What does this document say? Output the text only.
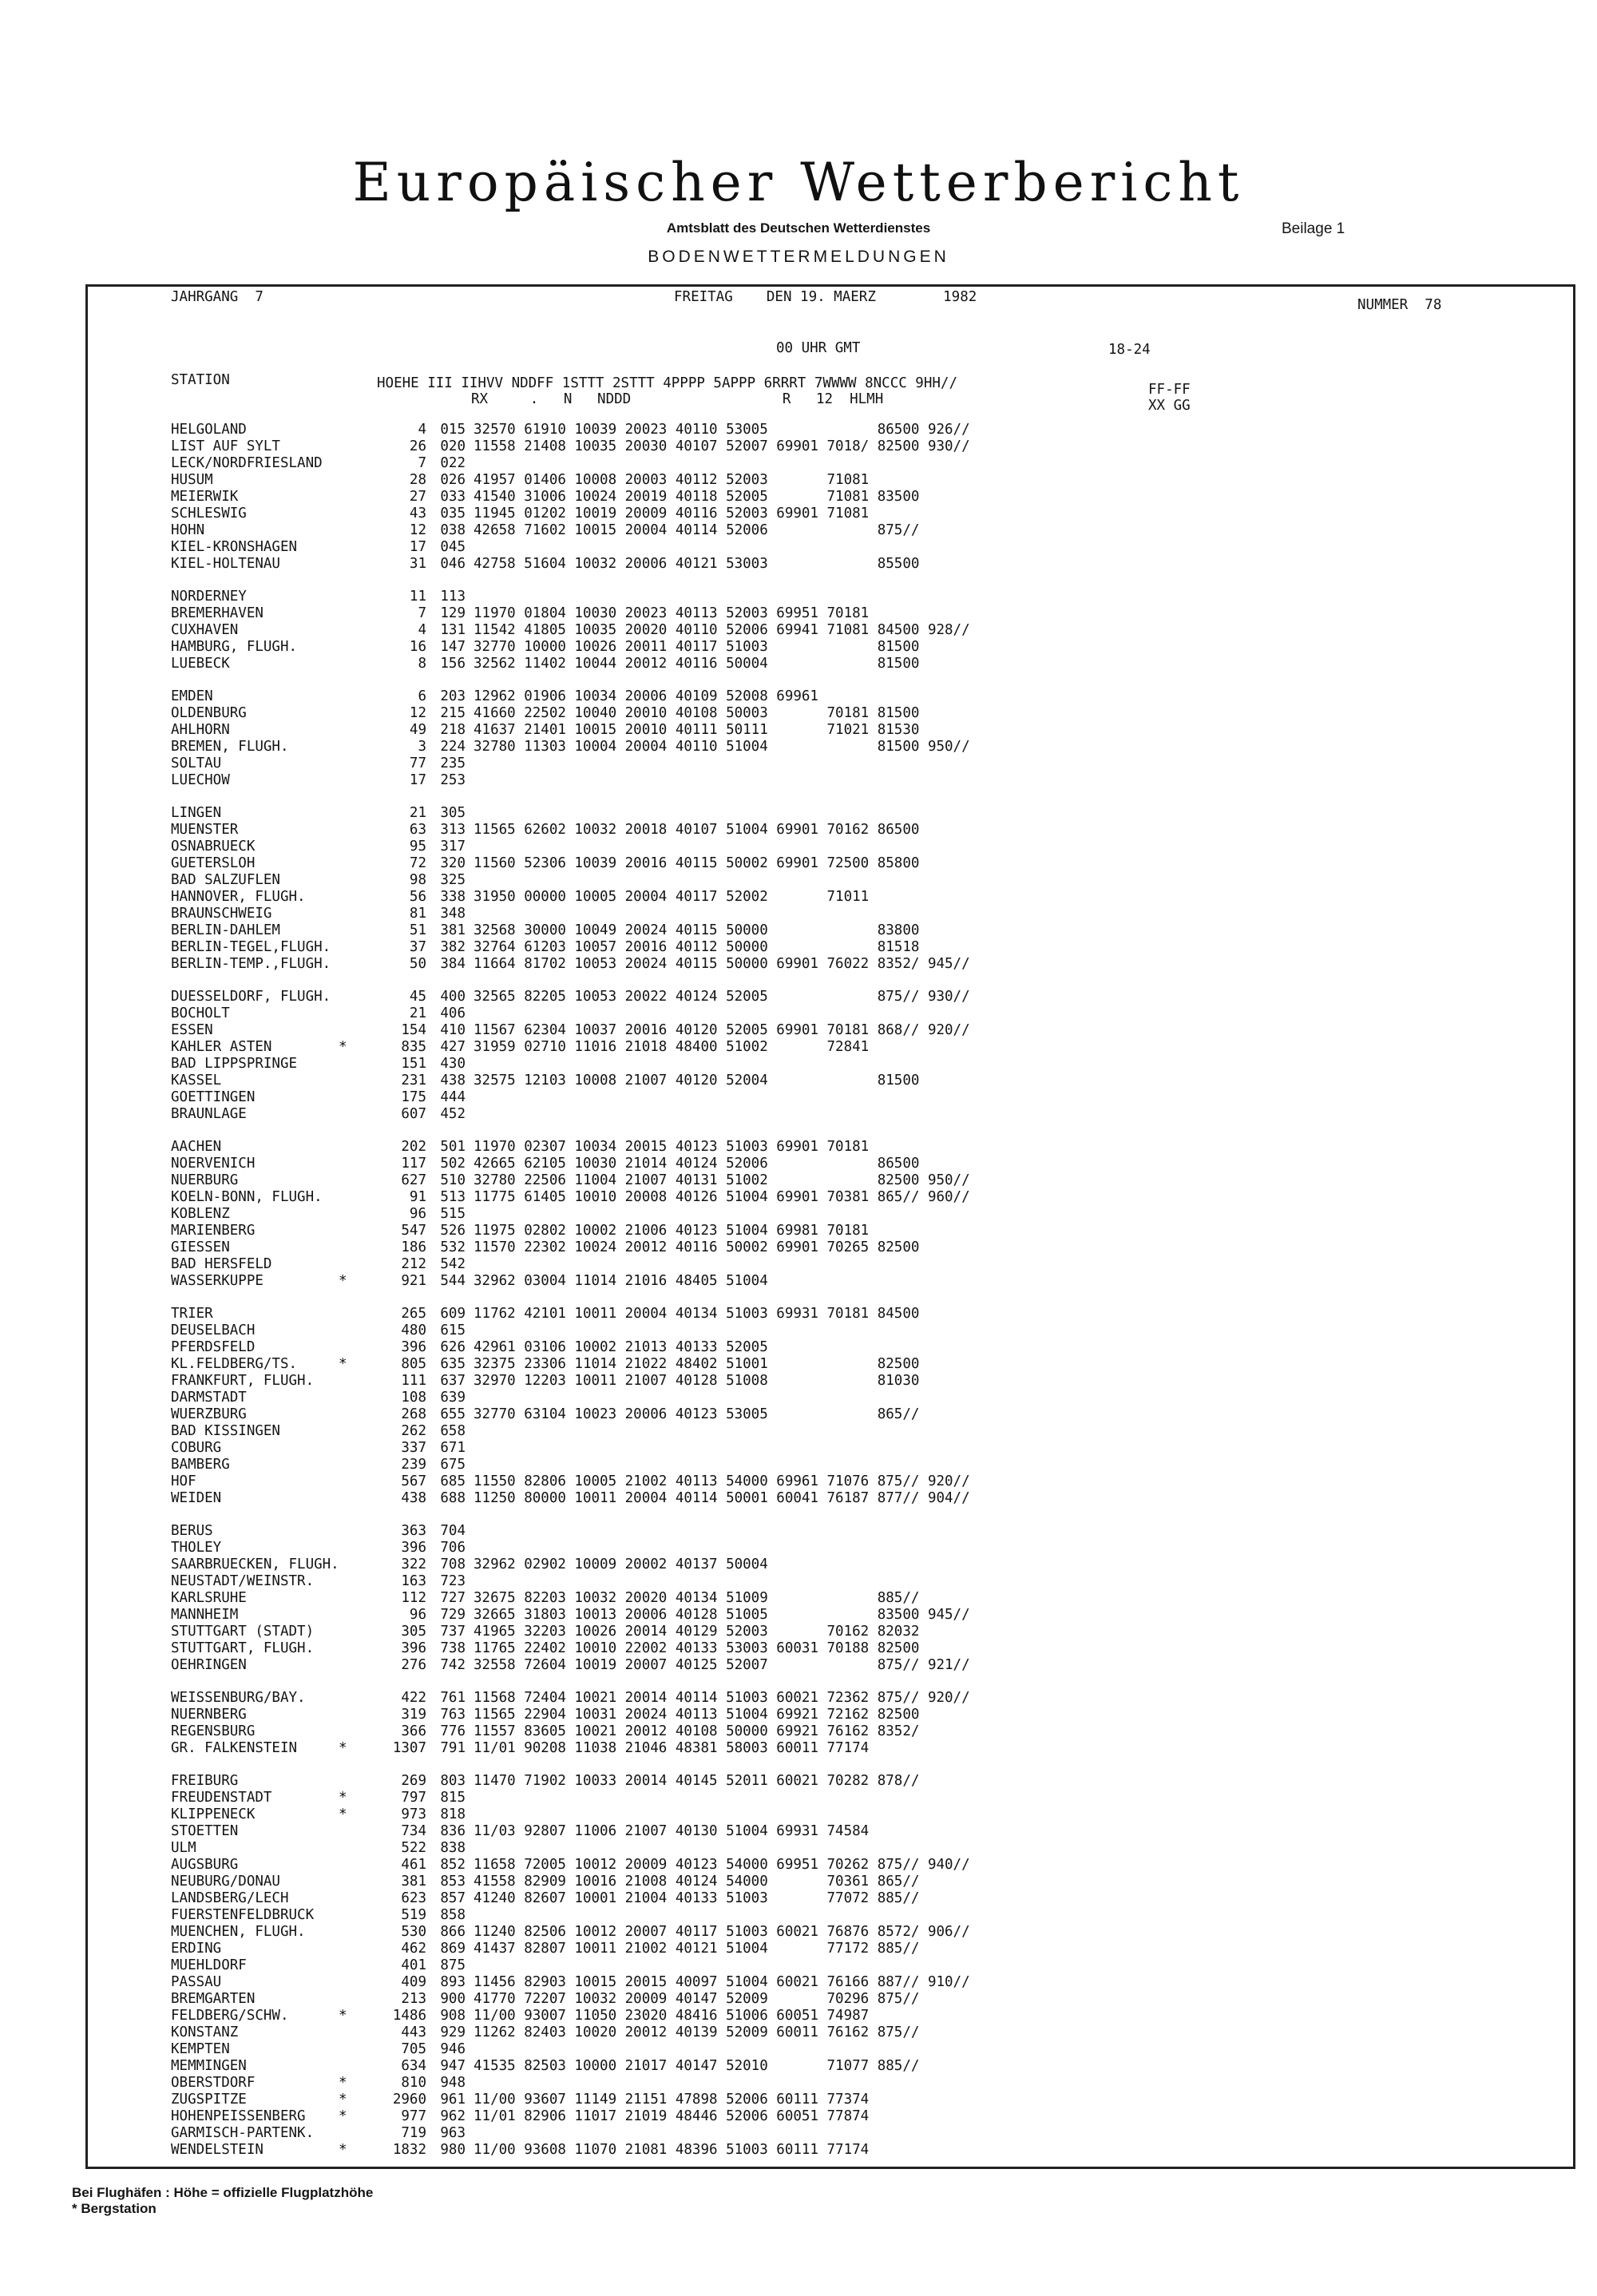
Europäischer Wetterbericht
Amtsblatt des Deutschen Wetterdienstes	Beilage 1
BODENWETTERMELDUNGEN
JAHRGANG  7	FREITAG    DEN 19. MAERZ        1982	NUMMER  78
00 UHR GMT	18-24
STATION	HOEHE III IIHVV NDDFF 1STTT 2STTT 4PPPP 5APPP 6RRRT 7WWWW 8NCCC 9HH//
RX     .   N   NDDD                  R   12  HLMH
FF-FF
XX GG
HELGOLAND	4 015 32570 61910 10039 20023 40110 53005             86500 926//
LIST AUF SYLT	26 020 11558 21408 10035 20030 40107 52007 69901 7018/ 82500 930//
LECK/NORDFRIESLAND	7 022
HUSUM	28 026 41957 01406 10008 20003 40112 52003       71081
MEIERWIK	27 033 41540 31006 10024 20019 40118 52005       71081 83500
SCHLESWIG	43 035 11945 01202 10019 20009 40116 52003 69901 71081
HOHN	12 038 42658 71602 10015 20004 40114 52006             875//
KIEL-KRONSHAGEN	17 045
KIEL-HOLTENAU	31 046 42758 51604 10032 20006 40121 53003             85500
NORDERNEY	11 113
BREMERHAVEN	7 129 11970 01804 10030 20023 40113 52003 69951 70181
CUXHAVEN	4 131 11542 41805 10035 20020 40110 52006 69941 71081 84500 928//
HAMBURG, FLUGH.	16 147 32770 10000 10026 20011 40117 51003             81500
LUEBECK	8 156 32562 11402 10044 20012 40116 50004             81500
EMDEN	6 203 12962 01906 10034 20006 40109 52008 69961
OLDENBURG	12 215 41660 22502 10040 20010 40108 50003       70181 81500
AHLHORN	49 218 41637 21401 10015 20010 40111 50111       71021 81530
BREMEN, FLUGH.	3 224 32780 11303 10004 20004 40110 51004             81500 950//
SOLTAU	77 235
LUECHOW	17 253
LINGEN	21 305
MUENSTER	63 313 11565 62602 10032 20018 40107 51004 69901 70162 86500
OSNABRUECK	95 317
GUETERSLOH	72 320 11560 52306 10039 20016 40115 50002 69901 72500 85800
BAD SALZUFLEN	98 325
HANNOVER, FLUGH.	56 338 31950 00000 10005 20004 40117 52002       71011
BRAUNSCHWEIG	81 348
BERLIN-DAHLEM	51 381 32568 30000 10049 20024 40115 50000             83800
BERLIN-TEGEL,FLUGH.	37 382 32764 61203 10057 20016 40112 50000             81518
BERLIN-TEMP.,FLUGH.	50 384 11664 81702 10053 20024 40115 50000 69901 76022 8352/ 945//
DUESSELDORF, FLUGH.	45 400 32565 82205 10053 20022 40124 52005             875// 930//
BOCHOLT	21 406
ESSEN	154 410 11567 62304 10037 20016 40120 52005 69901 70181 868// 920//
KAHLER ASTEN	*	835 427 31959 02710 11016 21018 48400 51002       72841
BAD LIPPSPRINGE	151 430
KASSEL	231 438 32575 12103 10008 21007 40120 52004             81500
GOETTINGEN	175 444
BRAUNLAGE	607 452
AACHEN	202 501 11970 02307 10034 20015 40123 51003 69901 70181
NOERVENICH	117 502 42665 62105 10030 21014 40124 52006             86500
NUERBURG	627 510 32780 22506 11004 21007 40131 51002             82500 950//
KOELN-BONN, FLUGH.	91 513 11775 61405 10010 20008 40126 51004 69901 70381 865// 960//
KOBLENZ	96 515
MARIENBERG	547 526 11975 02802 10002 21006 40123 51004 69981 70181
GIESSEN	186 532 11570 22302 10024 20012 40116 50002 69901 70265 82500
BAD HERSFELD	212 542
WASSERKUPPE	*	921 544 32962 03004 11014 21016 48405 51004
TRIER	265 609 11762 42101 10011 20004 40134 51003 69931 70181 84500
DEUSELBACH	480 615
PFERDSFELD	396 626 42961 03106 10002 21013 40133 52005
KL.FELDBERG/TS.	*	805 635 32375 23306 11014 21022 48402 51001             82500
FRANKFURT, FLUGH.	111 637 32970 12203 10011 21007 40128 51008             81030
DARMSTADT	108 639
WUERZBURG	268 655 32770 63104 10023 20006 40123 53005             865//
BAD KISSINGEN	262 658
COBURG	337 671
BAMBERG	239 675
HOF	567 685 11550 82806 10005 21002 40113 54000 69961 71076 875// 920//
WEIDEN	438 688 11250 80000 10011 20004 40114 50001 60041 76187 877// 904//
BERUS	363 704
THOLEY	396 706
SAARBRUECKEN, FLUGH.	322 708 32962 02902 10009 20002 40137 50004
NEUSTADT/WEINSTR.	163 723
KARLSRUHE	112 727 32675 82203 10032 20020 40134 51009             885//
MANNHEIM	96 729 32665 31803 10013 20006 40128 51005             83500 945//
STUTTGART (STADT)	305 737 41965 32203 10026 20014 40129 52003       70162 82032
STUTTGART, FLUGH.	396 738 11765 22402 10010 22002 40133 53003 60031 70188 82500
OEHRINGEN	276 742 32558 72604 10019 20007 40125 52007             875// 921//
WEISSENBURG/BAY.	422 761 11568 72404 10021 20014 40114 51003 60021 72362 875// 920//
NUERNBERG	319 763 11565 22904 10031 20024 40113 51004 69921 72162 82500
REGENSBURG	366 776 11557 83605 10021 20012 40108 50000 69921 76162 8352/
GR. FALKENSTEIN	*	1307 791 11/01 90208 11038 21046 48381 58003 60011 77174
FREIBURG	269 803 11470 71902 10033 20014 40145 52011 60021 70282 878//
FREUDENSTADT	*	797 815
KLIPPENECK	*	973 818
STOETTEN	734 836 11/03 92807 11006 21007 40130 51004 69931 74584
ULM	522 838
AUGSBURG	461 852 11658 72005 10012 20009 40123 54000 69951 70262 875// 940//
NEUBURG/DONAU	381 853 41558 82909 10016 21008 40124 54000       70361 865//
LANDSBERG/LECH	623 857 41240 82607 10001 21004 40133 51003       77072 885//
FUERSTENFELDBRUCK	519 858
MUENCHEN, FLUGH.	530 866 11240 82506 10012 20007 40117 51003 60021 76876 8572/ 906//
ERDING	462 869 41437 82807 10011 21002 40121 51004       77172 885//
MUEHLDORF	401 875
PASSAU	409 893 11456 82903 10015 20015 40097 51004 60021 76166 887// 910//
BREMGARTEN	213 900 41770 72207 10032 20009 40147 52009       70296 875//
FELDBERG/SCHW.	*	1486 908 11/00 93007 11050 23020 48416 51006 60051 74987
KONSTANZ	443 929 11262 82403 10020 20012 40139 52009 60011 76162 875//
KEMPTEN	705 946
MEMMINGEN	634 947 41535 82503 10000 21017 40147 52010       71077 885//
OBERSTDORF	*	810 948
ZUGSPITZE	*	2960 961 11/00 93607 11149 21151 47898 52006 60111 77374
HOHENPEISSENBERG	*	977 962 11/01 82906 11017 21019 48446 52006 60051 77874
GARMISCH-PARTENK.	719 963
WENDELSTEIN	*	1832 980 11/00 93608 11070 21081 48396 51003 60111 77174
Bei Flughäfen : Höhe = offizielle Flugplatzhöhe
* Bergstation
